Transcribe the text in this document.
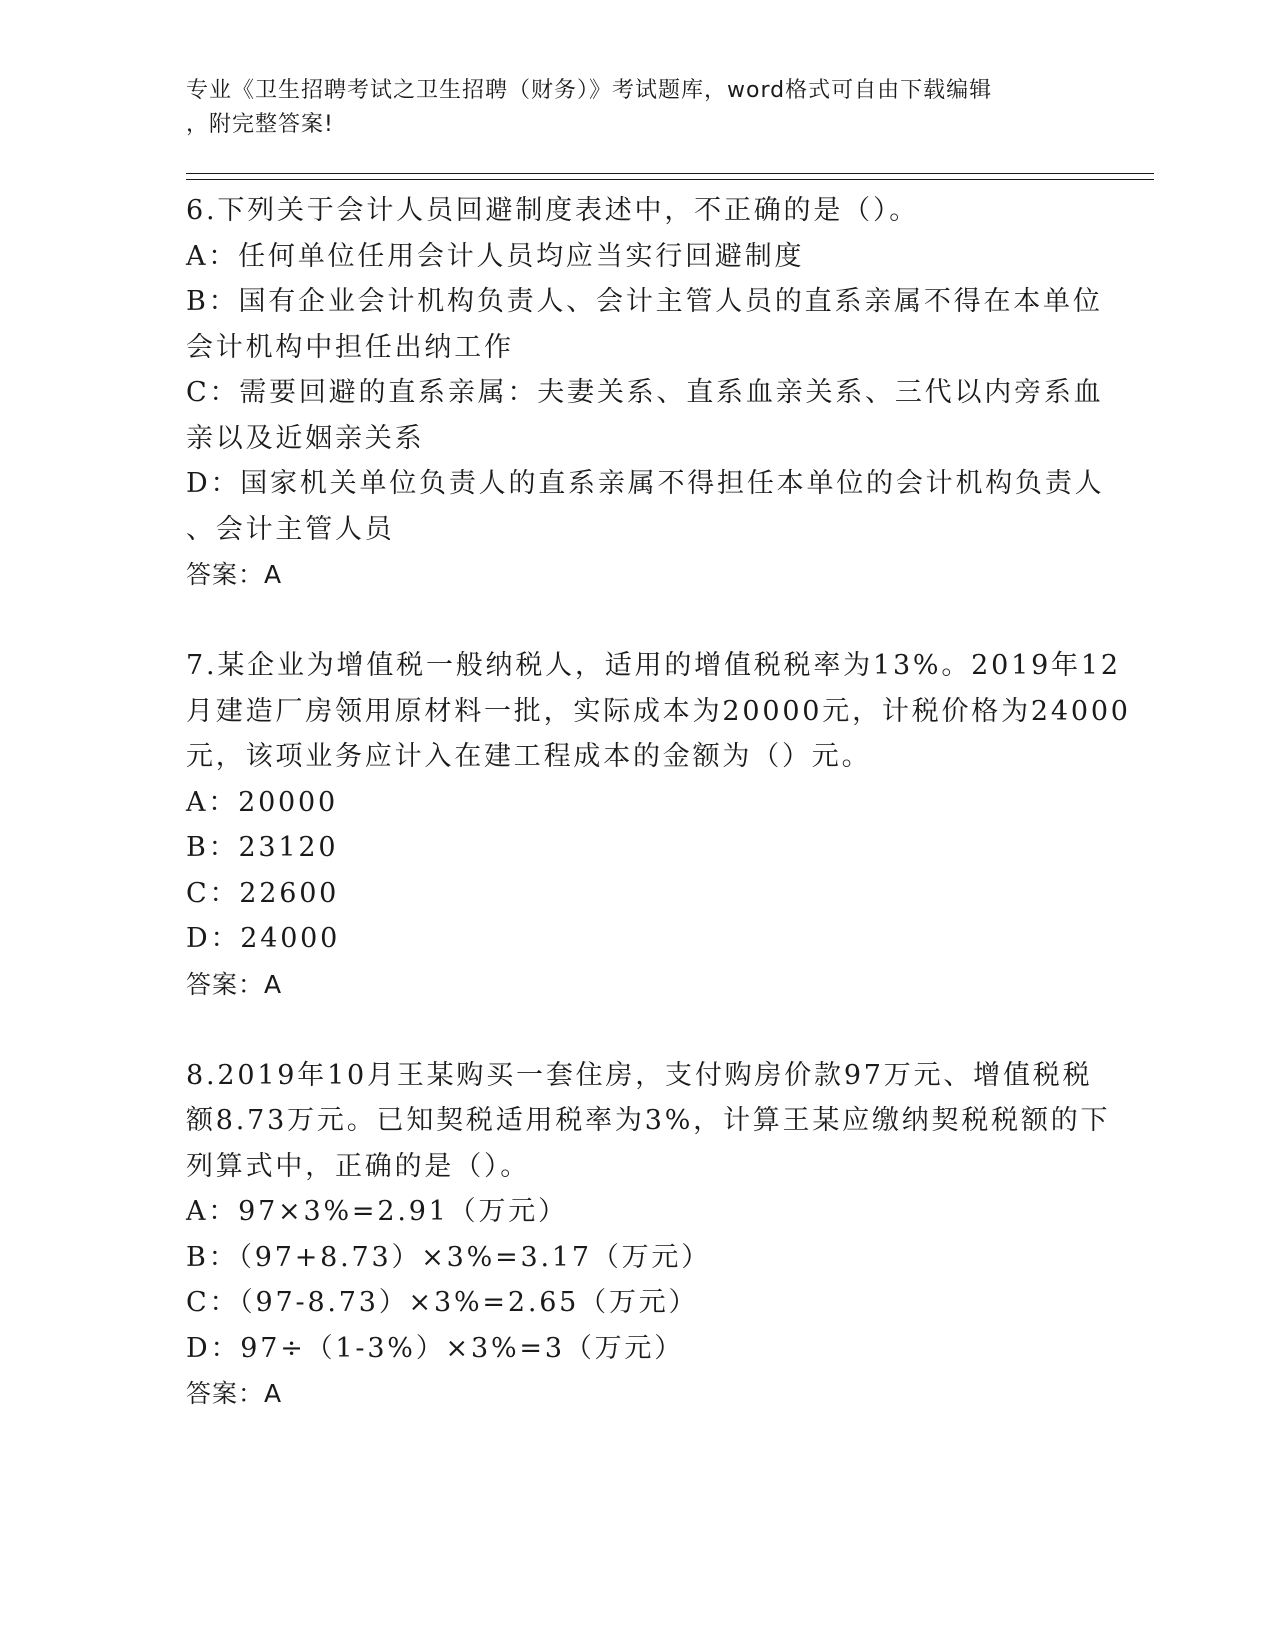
专业《卫生招聘考试之卫生招聘（财务）》考试题库，word格式可自由下载编辑
，附完整答案!
6.下列关于会计人员回避制度表述中，不正确的是（）。
A：任何单位任用会计人员均应当实行回避制度
B：国有企业会计机构负责人、会计主管人员的直系亲属不得在本单位
会计机构中担任出纳工作
C：需要回避的直系亲属：夫妻关系、直系血亲关系、三代以内旁系血
亲以及近姻亲关系
D：国家机关单位负责人的直系亲属不得担任本单位的会计机构负责人
、会计主管人员
答案：A
7.某企业为增值税一般纳税人，适用的增值税税率为13%。2019年12
月建造厂房领用原材料一批，实际成本为20000元，计税价格为24000
元，该项业务应计入在建工程成本的金额为（）元。
A：20000
B：23120
C：22600
D：24000
答案：A
8.2019年10月王某购买一套住房，支付购房价款97万元、增值税税
额8.73万元。已知契税适用税率为3%，计算王某应缴纳契税税额的下
列算式中，正确的是（）。
A：97×3%=2.91（万元）
B：（97+8.73）×3%=3.17（万元）
C：（97-8.73）×3%=2.65（万元）
D：97÷（1-3%）×3%=3（万元）
答案：A
